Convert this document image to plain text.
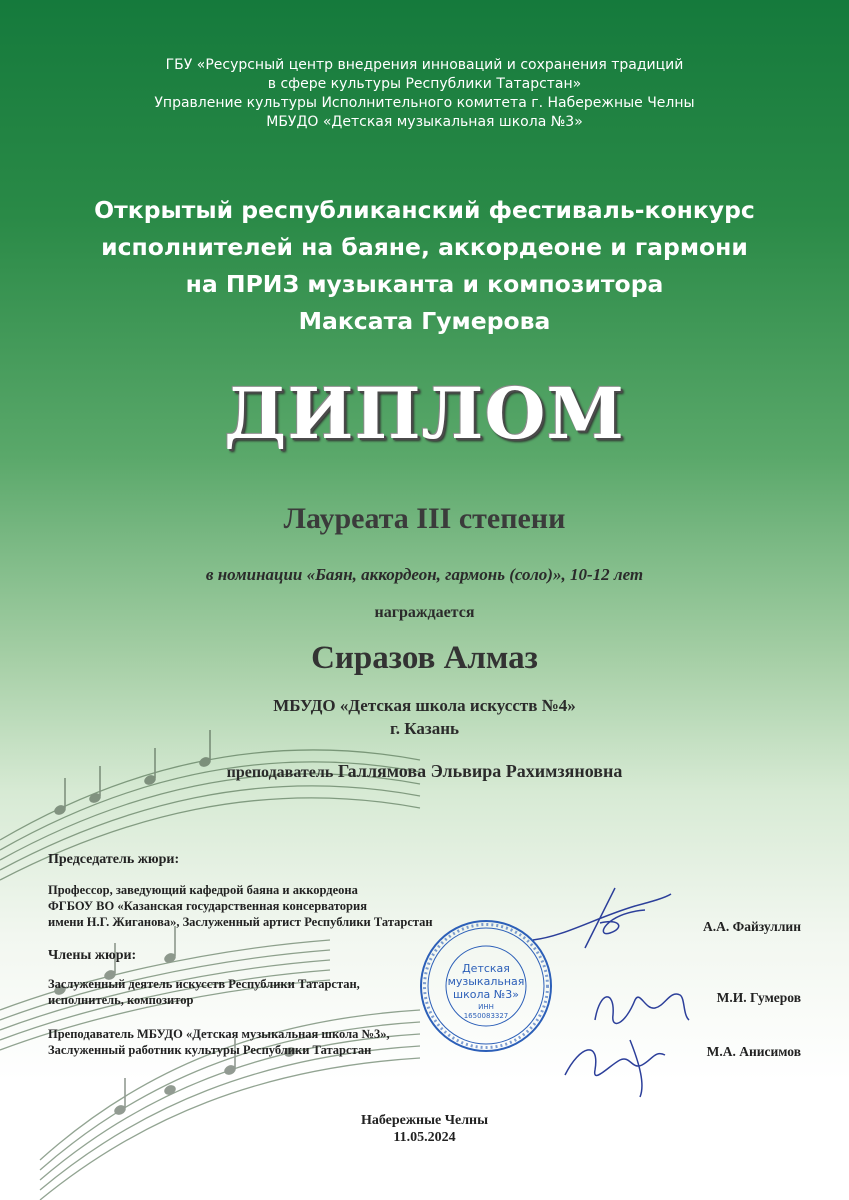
ГБУ «Ресурсный центр внедрения инноваций и сохранения традиций
в сфере культуры Республики Татарстан»
Управление культуры Исполнительного комитета г. Набережные Челны
МБУДО «Детская музыкальная школа №3»
Открытый республиканский фестиваль-конкурс
исполнителей на баяне, аккордеоне и гармони
на ПРИЗ музыканта и композитора
Максата Гумерова
ДИПЛОМ
Лауреата III степени
в номинации «Баян, аккордеон, гармонь (соло)», 10-12 лет
награждается
Сиразов Алмаз
МБУДО «Детская школа искусств №4»
г. Казань
преподаватель Галлямова Эльвира Рахимзяновна
Председатель жюри:
Профессор, заведующий кафедрой баяна и аккордеона
ФГБОУ ВО «Казанская государственная консерватория
имени Н.Г. Жиганова», Заслуженный артист Республики Татарстан	А.А. Файзуллин
Члены жюри:
Заслуженный деятель искусств Республики Татарстан,
исполнитель, композитор	М.И. Гумеров
Преподаватель МБУДО «Детская музыкальная школа №3»,
Заслуженный работник культуры Республики Татарстан	М.А. Анисимов
Детская
музыкальная
школа №3»
ИНН
1650083327
Набережные Челны
11.05.2024
